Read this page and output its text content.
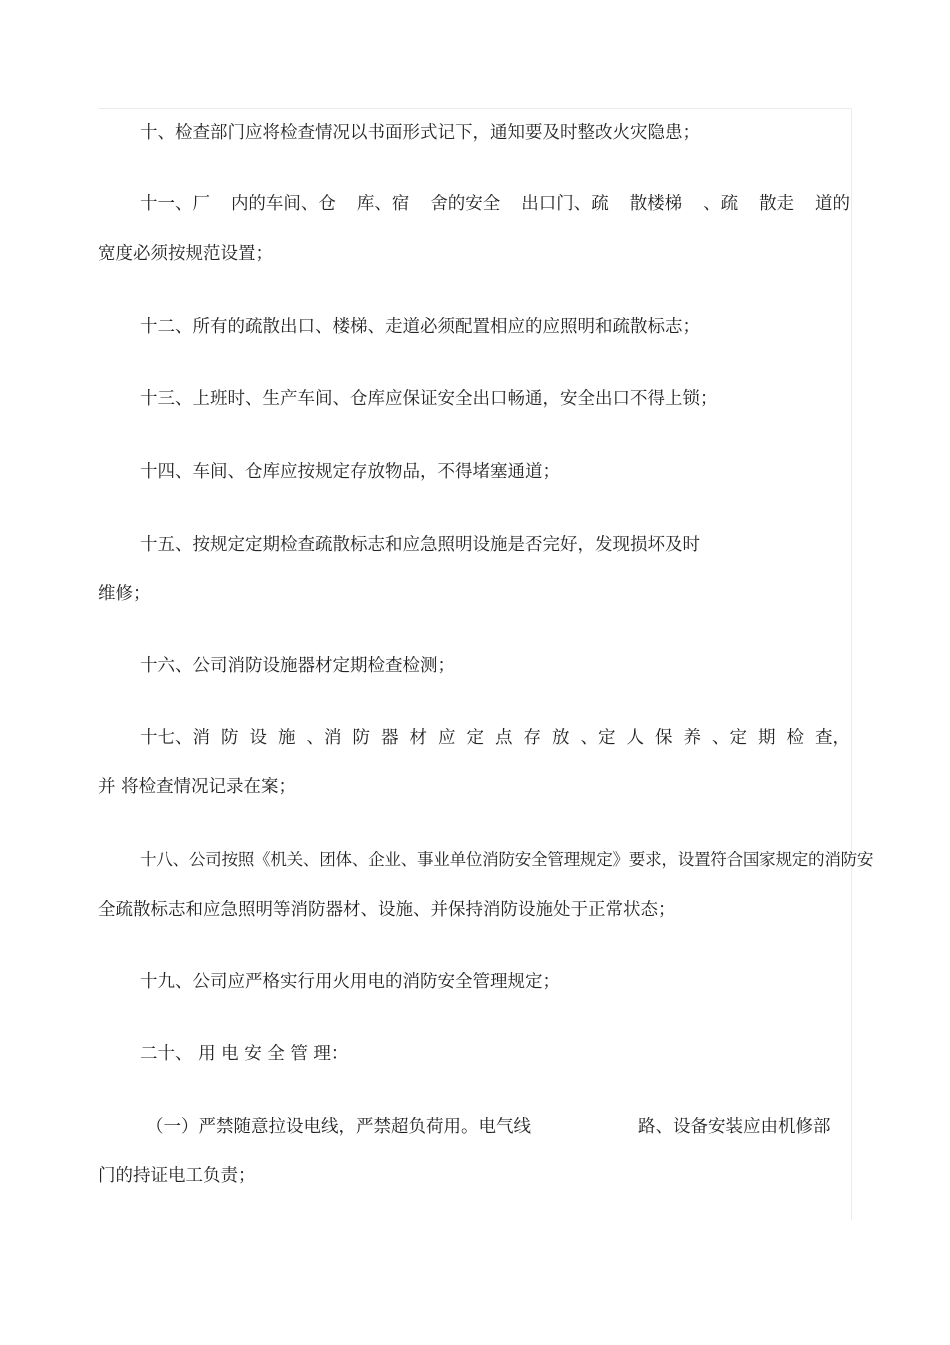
十、检查部门应将检查情况以书面形式记下，通知要及时整改火灾隐患；
十一、厂 内的车间、仓 库、宿 舍的安全 出口门、疏 散楼梯 、疏 散走 道的
宽度必须按规范设置；
十二、所有的疏散出口、楼梯、走道必须配置相应的应照明和疏散标志；
十三、上班时、生产车间、仓库应保证安全出口畅通，安全出口不得上锁；
十四、车间、仓库应按规定存放物品，不得堵塞通道；
十五、按规定定期检查疏散标志和应急照明设施是否完好，发现损坏及时
维修；
十六、公司消防设施器材定期检查检测；
十七、消 防 设 施 、消 防 器 材 应 定 点 存 放 、定 人 保 养 、定 期 检 查，
并 将检查情况记录在案；
十八、公司按照《机关、团体、企业、事业单位消防安全管理规定》要求，设置符合国家规定的消防安
全疏散标志和应急照明等消防器材、设施、并保持消防设施处于正常状态；
十九、公司应严格实行用火用电的消防安全管理规定；
二十、 用 电 安 全 管 理：
（一）严禁随意拉设电线，严禁超负荷用。电气线	路、设备安装应由机修部
门的持证电工负责；
